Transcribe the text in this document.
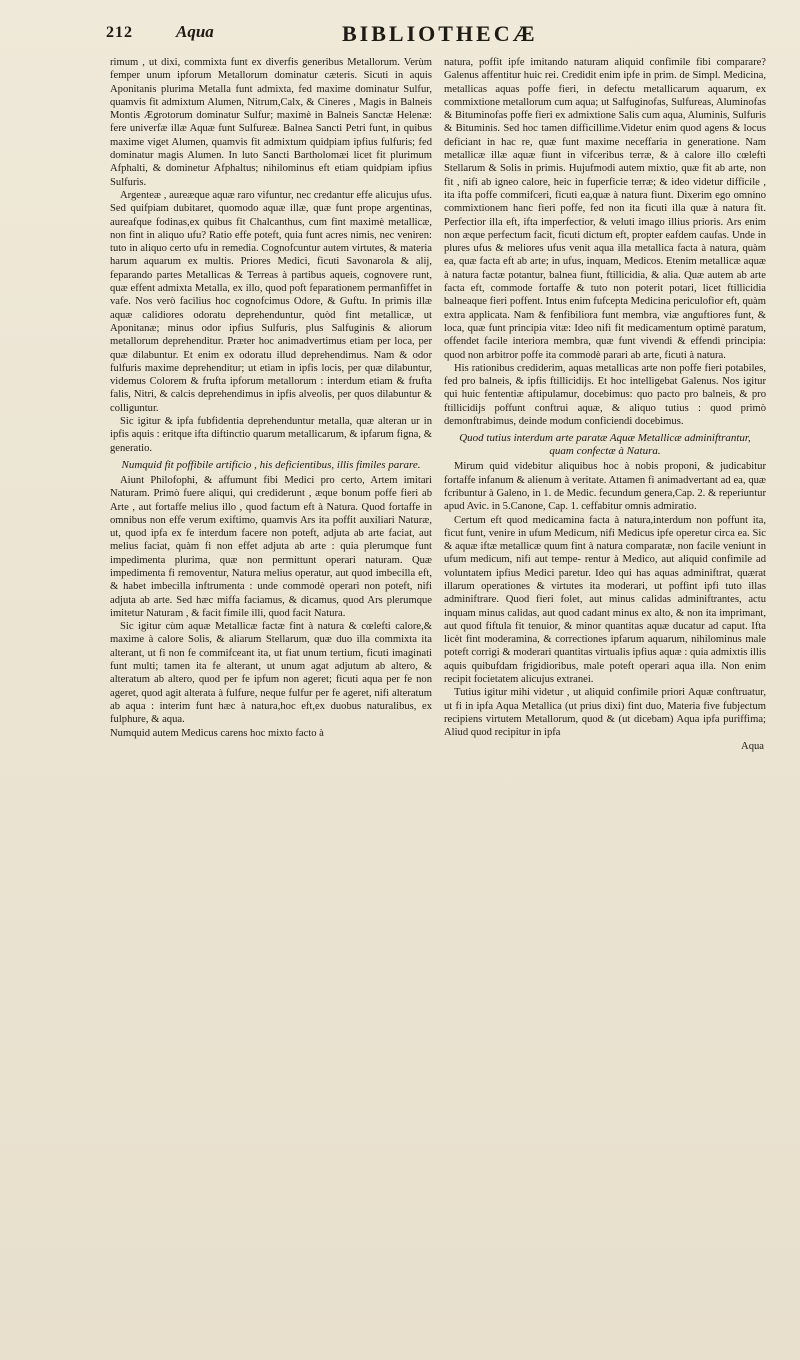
212	Aqua	BIBLIOTHECÆ

rimum , ut dixi, commixta funt ex diverfis generibus Metallorum. Verùm femper unum ipforum Metallorum dominatur cæteris. Sicuti in aquis Aponitanis plurima Metalla funt admixta, fed maxime dominatur Sulfur, quamvis fit admixtum Alumen, Nitrum,Calx, & Cineres , Magis in Balneis Montis Ægrotorum dominatur Sulfur; maximè in Balneis Sanctæ Helenæ: fere univerfæ illæ Aquæ funt Sulfureæ. Balnea Sancti Petri funt, in quibus maxime viget Alumen, quamvis fit admixtum quidpiam ipfius fulfuris; fed dominatur magis Alumen. In luto Sancti Bartholomæi licet fit plurimum Afphalti, & dominetur Afphaltus; nihilominus eft etiam quidpiam ipfius Sulfuris.

Argenteæ , aureæque aquæ raro vifuntur, nec credantur effe alicujus ufus. Sed quifpiam dubitaret, quomodo aquæ illæ, quæ funt prope argentinas, aureafque fodinas,ex quibus fit Chalcanthus, cum fint maximè metallicæ, non fint in aliquo ufu? Ratio effe poteft, quia funt acres nimis, nec veniren: tuto in aliquo certo ufu in remedia. Cognofcuntur autem virtutes, & materia harum aquarum ex multis. Priores Medici, ficuti Savonarola & alij, feparando partes Metallicas & Terreas à partibus aqueis, cognovere runt, quæ effent admixta Metalla, ex illo, quod poft feparationem permanfiffet in vafe. Nos verò facilius hoc cognofcimus Odore, & Guftu. In primis illæ aquæ calidiores odoratu deprehenduntur, quòd fint metallicæ, ut Aponitanæ; minus odor ipfius Sulfuris, plus Salfuginis & aliorum metallorum deprehenditur. Præter hoc animadvertimus etiam per loca, per quæ dilabuntur. Et enim ex odoratu illud deprehendimus. Nam & odor fulfuris maxime deprehenditur; ut etiam in ipfis locis, per quæ dilabuntur, videmus Colorem & frufta ipforum metallorum : interdum etiam & frufta falis, Nitri, & calcis deprehendimus in ipfis alveolis, per quos dilabuntur & colliguntur.

Sic igitur & ipfa fubfidentia deprehenduntur metalla, quæ alteran ur in ipfis aquis : eritque ifta diftinctio quarum metallicarum, & ipfarum figna, & generatio.

Numquid fit poffibile artificio , his deficientibus, illis fimiles parare.

Aiunt Philofophi, & affumunt fibi Medici pro certo, Artem imitari Naturam. Primò fuere aliqui, qui crediderunt , æque bonum poffe fieri ab Arte , aut fortaffe melius illo , quod factum eft à Natura. Quod fortaffe in omnibus non effe verum exiftimo, quamvis Ars ita poffit auxiliari Naturæ, ut, quod ipfa ex fe interdum facere non poteft, adjuta ab arte faciat, aut melius faciat, quàm fi non effet adjuta ab arte : quia plerumque funt impedimenta plurima, quæ non permittunt operari naturam. Quæ impedimenta fi removentur, Natura melius operatur, aut quod imbecilla eft, & habet imbecilla inftrumenta : unde commodè operari non poteft, nifi adjuta ab arte. Sed hæc miffa faciamus, & dicamus, quod Ars plerumque imitetur Naturam , & facit fimile illi, quod facit Natura.

Sic igitur cùm aquæ Metallicæ factæ fint à natura & cœlefti calore,& maxime à calore Solis, & aliarum Stellarum, quæ duo illa commixta ita alterant, ut fi non fe commifceant ita, ut fiat unum tertium, ficuti imaginati funt multi; tamen ita fe alterant, ut unum agat adjutum ab altero, & alteratum ab altero, quod per fe ipfum non ageret; ficuti aqua per fe non ageret, quod agit alterata à fulfure, neque fulfur per fe ageret, nifi alteratum ab aqua : interim funt hæc à natura,hoc eft,ex duobus naturalibus, ex fulphure, & aqua.

Numquid autem Medicus carens hoc mixto facto à

natura, poffit ipfe imitando naturam aliquid confimile fibi comparare? Galenus affentitur huic rei. Credidit enim ipfe in prim. de Simpl. Medicina, metallicas aquas poffe fieri, in defectu metallicarum aquarum, ex commixtione metallorum cum aqua; ut Salfuginofas, Sulfureas, Aluminofas & Bituminofas poffe fieri ex admixtione Salis cum aqua, Aluminis, Sulfuris & Bituminis. Sed hoc tamen difficillime.Videtur enim quod agens & locus deficiant in hac re, quæ funt maxime neceffaria in generatione. Nam metallicæ illæ aquæ fiunt in vifceribus terræ, & à calore illo cœlefti Stellarum & Solis in primis. Hujufmodi autem mixtio, quæ fit ab arte, non fit , nifi ab igneo calore, heic in fuperficie terræ; & ideo videtur difficile , ita ifta poffe commifceri, ficuti ea,quæ à natura fiunt. Dixerim ego omnino commixtionem hanc fieri poffe, fed non ita ficuti illa quæ à natura fit. Perfectior illa eft, ifta imperfectior, & veluti imago illius prioris. Ars enim non æque perfectum facit, ficuti dictum eft, propter eafdem caufas. Unde in plures ufus & meliores ufus venit aqua illa metallica facta à natura, quàm ea, quæ facta eft ab arte; in ufus, inquam, Medicos. Etenim metallicæ aquæ à natura factæ potantur, balnea fiunt, ftillicidia, & alia. Quæ autem ab arte facta eft, commode fortaffe & tuto non poterit potari, licet ftillicidia balneaque fieri poffent. Intus enim fufcepta Medicina periculofior eft, quàm extra applicata. Nam & fenfibiliora funt membra, viæ anguftiores funt, & loca, quæ funt principia vitæ: Ideo nifi fit medicamentum optimè paratum, offendet facile interiora membra, quæ funt vivendi & effendi principia: quod non arbitror poffe ita commodè parari ab arte, ficuti à natura.

His rationibus crediderim, aquas metallicas arte non poffe fieri potabiles, fed pro balneis, & ipfis ftillicidijs. Et hoc intelligebat Galenus. Nos igitur qui huic fententiæ aftipulamur, docebimus: quo pacto pro balneis, & pro ftillicidijs poffunt conftrui aquæ, & aliquo tutius : quod primò demonftrabimus, deinde modum conficiendi docebimus.

Quod tutius interdum arte paratæ Aquæ Metallicæ adminiftrantur, quam confectæ à Natura.

Mirum quid videbitur aliquibus hoc à nobis proponi, & judicabitur fortaffe infanum & alienum à veritate. Attamen fi animadvertant ad ea, quæ fcribuntur à Galeno, in 1. de Medic. fecundum genera,Cap. 2. & reperiuntur apud Avic. in 5.Canone, Cap. 1. ceffabitur omnis admiratio.

Certum eft quod medicamina facta à natura,interdum non poffunt ita, ficut funt, venire in ufum Medicum, nifi Medicus ipfe operetur circa ea. Sic & aquæ iftæ metallicæ quum fint à natura comparatæ, non facile veniunt in ufum medicum, nifi aut tempe- rentur à Medico, aut aliquid confimile ad voluntatem ipfius Medici paretur. Ideo qui has aquas adminiftrat, quærat illarum operationes & virtutes ita moderari, ut poffint ipfi tuto illas adminiftrare. Quod fieri folet, aut minus calidas adminiftrantes, actu inquam minus calidas, aut quod cadant minus ex alto, & non ita imprimant, aut quod fiftula fit tenuior, & minor quantitas aquæ ducatur ad caput. Ifta licèt fint moderamina, & correctiones ipfarum aquarum, nihilominus male poteft corrigi & moderari quantitas virtualis ipfius aquæ : quia admixtis illis aquis quibufdam frigidioribus, male poteft operari aqua illa. Non enim recipit focietatem alicujus extranei.

Tutius igitur mihi videtur , ut aliquid confimile priori Aquæ conftruatur, ut fi in ipfa Aqua Metallica (ut prius dixi) fint duo, Materia five fubjectum recipiens virtutem Metallorum, quod & (ut dicebam) Aqua ipfa puriffima; Aliud quod recipitur in ipfa

Aqua
